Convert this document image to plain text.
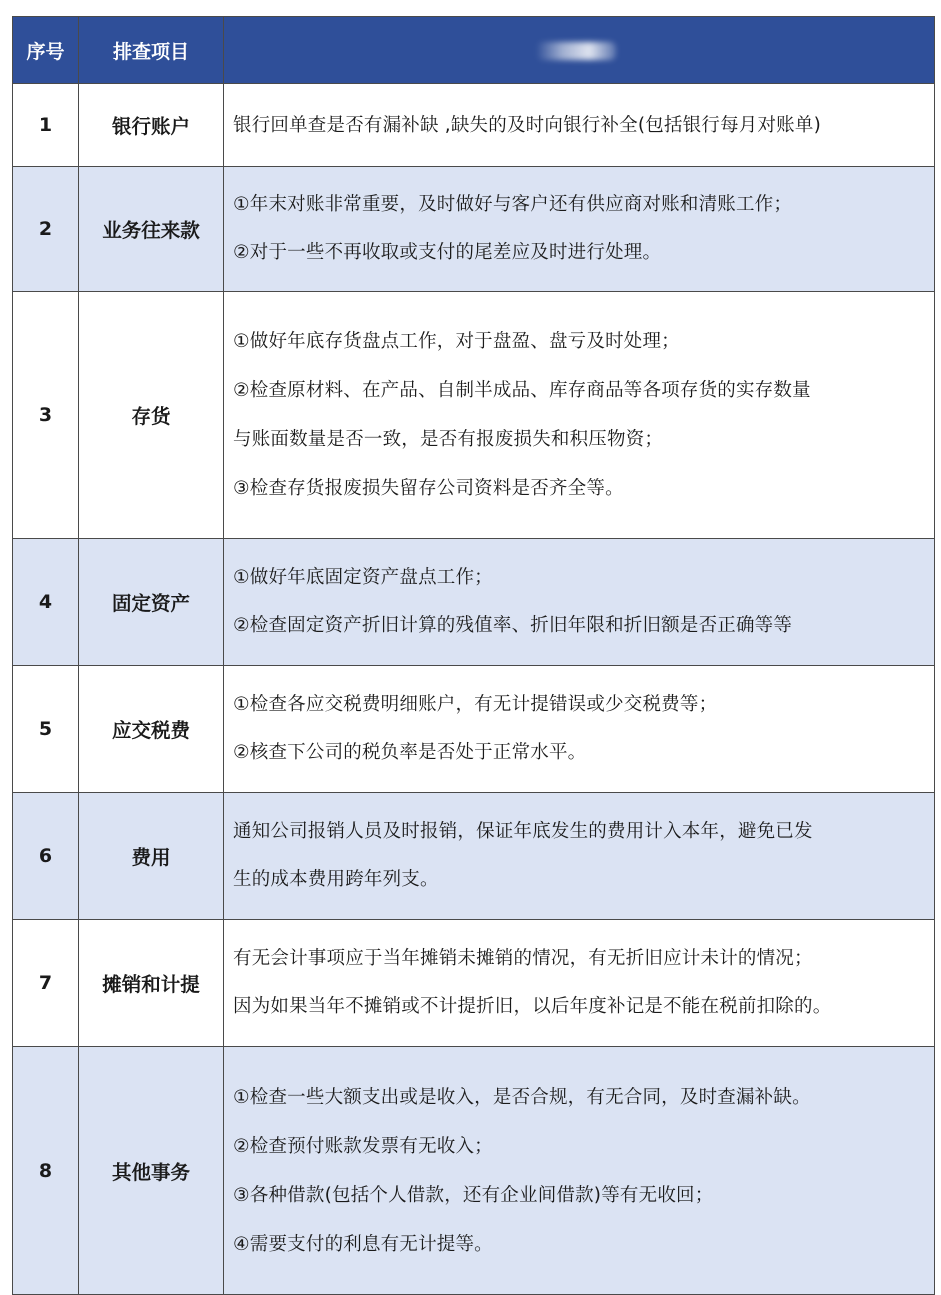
序号	排查项目	
1	银行账户	银行回单查是否有漏补缺 ,缺失的及时向银行补全(包括银行每月对账单)

2	业务往来款	①年末对账非常重要，及时做好与客户还有供应商对账和清账工作；
②对于一些不再收取或支付的尾差应及时进行处理。

3	存货	①做好年底存货盘点工作，对于盘盈、盘亏及时处理；
②检查原材料、在产品、自制半成品、库存商品等各项存货的实存数量
与账面数量是否一致，是否有报废损失和积压物资；
③检查存货报废损失留存公司资料是否齐全等。

4	固定资产	①做好年底固定资产盘点工作；
②检查固定资产折旧计算的残值率、折旧年限和折旧额是否正确等等

5	应交税费	①检查各应交税费明细账户，有无计提错误或少交税费等；
②核查下公司的税负率是否处于正常水平。

6	费用	通知公司报销人员及时报销，保证年底发生的费用计入本年，避免已发
生的成本费用跨年列支。

7	摊销和计提	有无会计事项应于当年摊销未摊销的情况，有无折旧应计未计的情况；
因为如果当年不摊销或不计提折旧，以后年度补记是不能在税前扣除的。

8	其他事务	①检查一些大额支出或是收入，是否合规，有无合同，及时查漏补缺。
②检查预付账款发票有无收入；
③各种借款(包括个人借款，还有企业间借款)等有无收回；
④需要支付的利息有无计提等。
